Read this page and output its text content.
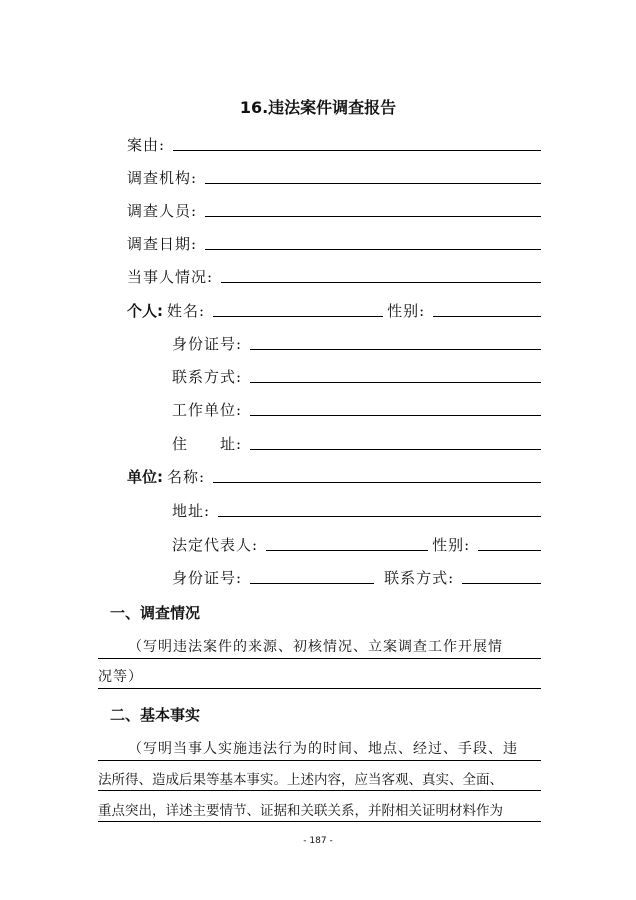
16.违法案件调查报告
案由:
调查机构:
调查人员:
调查日期:
当事人情况:
个人: 姓名:	性别:
身份证号:
联系方式:
工作单位:
住　　址:
单位: 名称:
地址:
法定代表人:	性别:
身份证号:	联系方式:
一、调查情况
（写明违法案件的来源、初核情况、立案调查工作开展情
况等）
二、基本事实
（写明当事人实施违法行为的时间、地点、经过、手段、违
法所得、造成后果等基本事实。上述内容，应当客观、真实、全面、
重点突出，详述主要情节、证据和关联关系，并附相关证明材料作为
- 187 -
